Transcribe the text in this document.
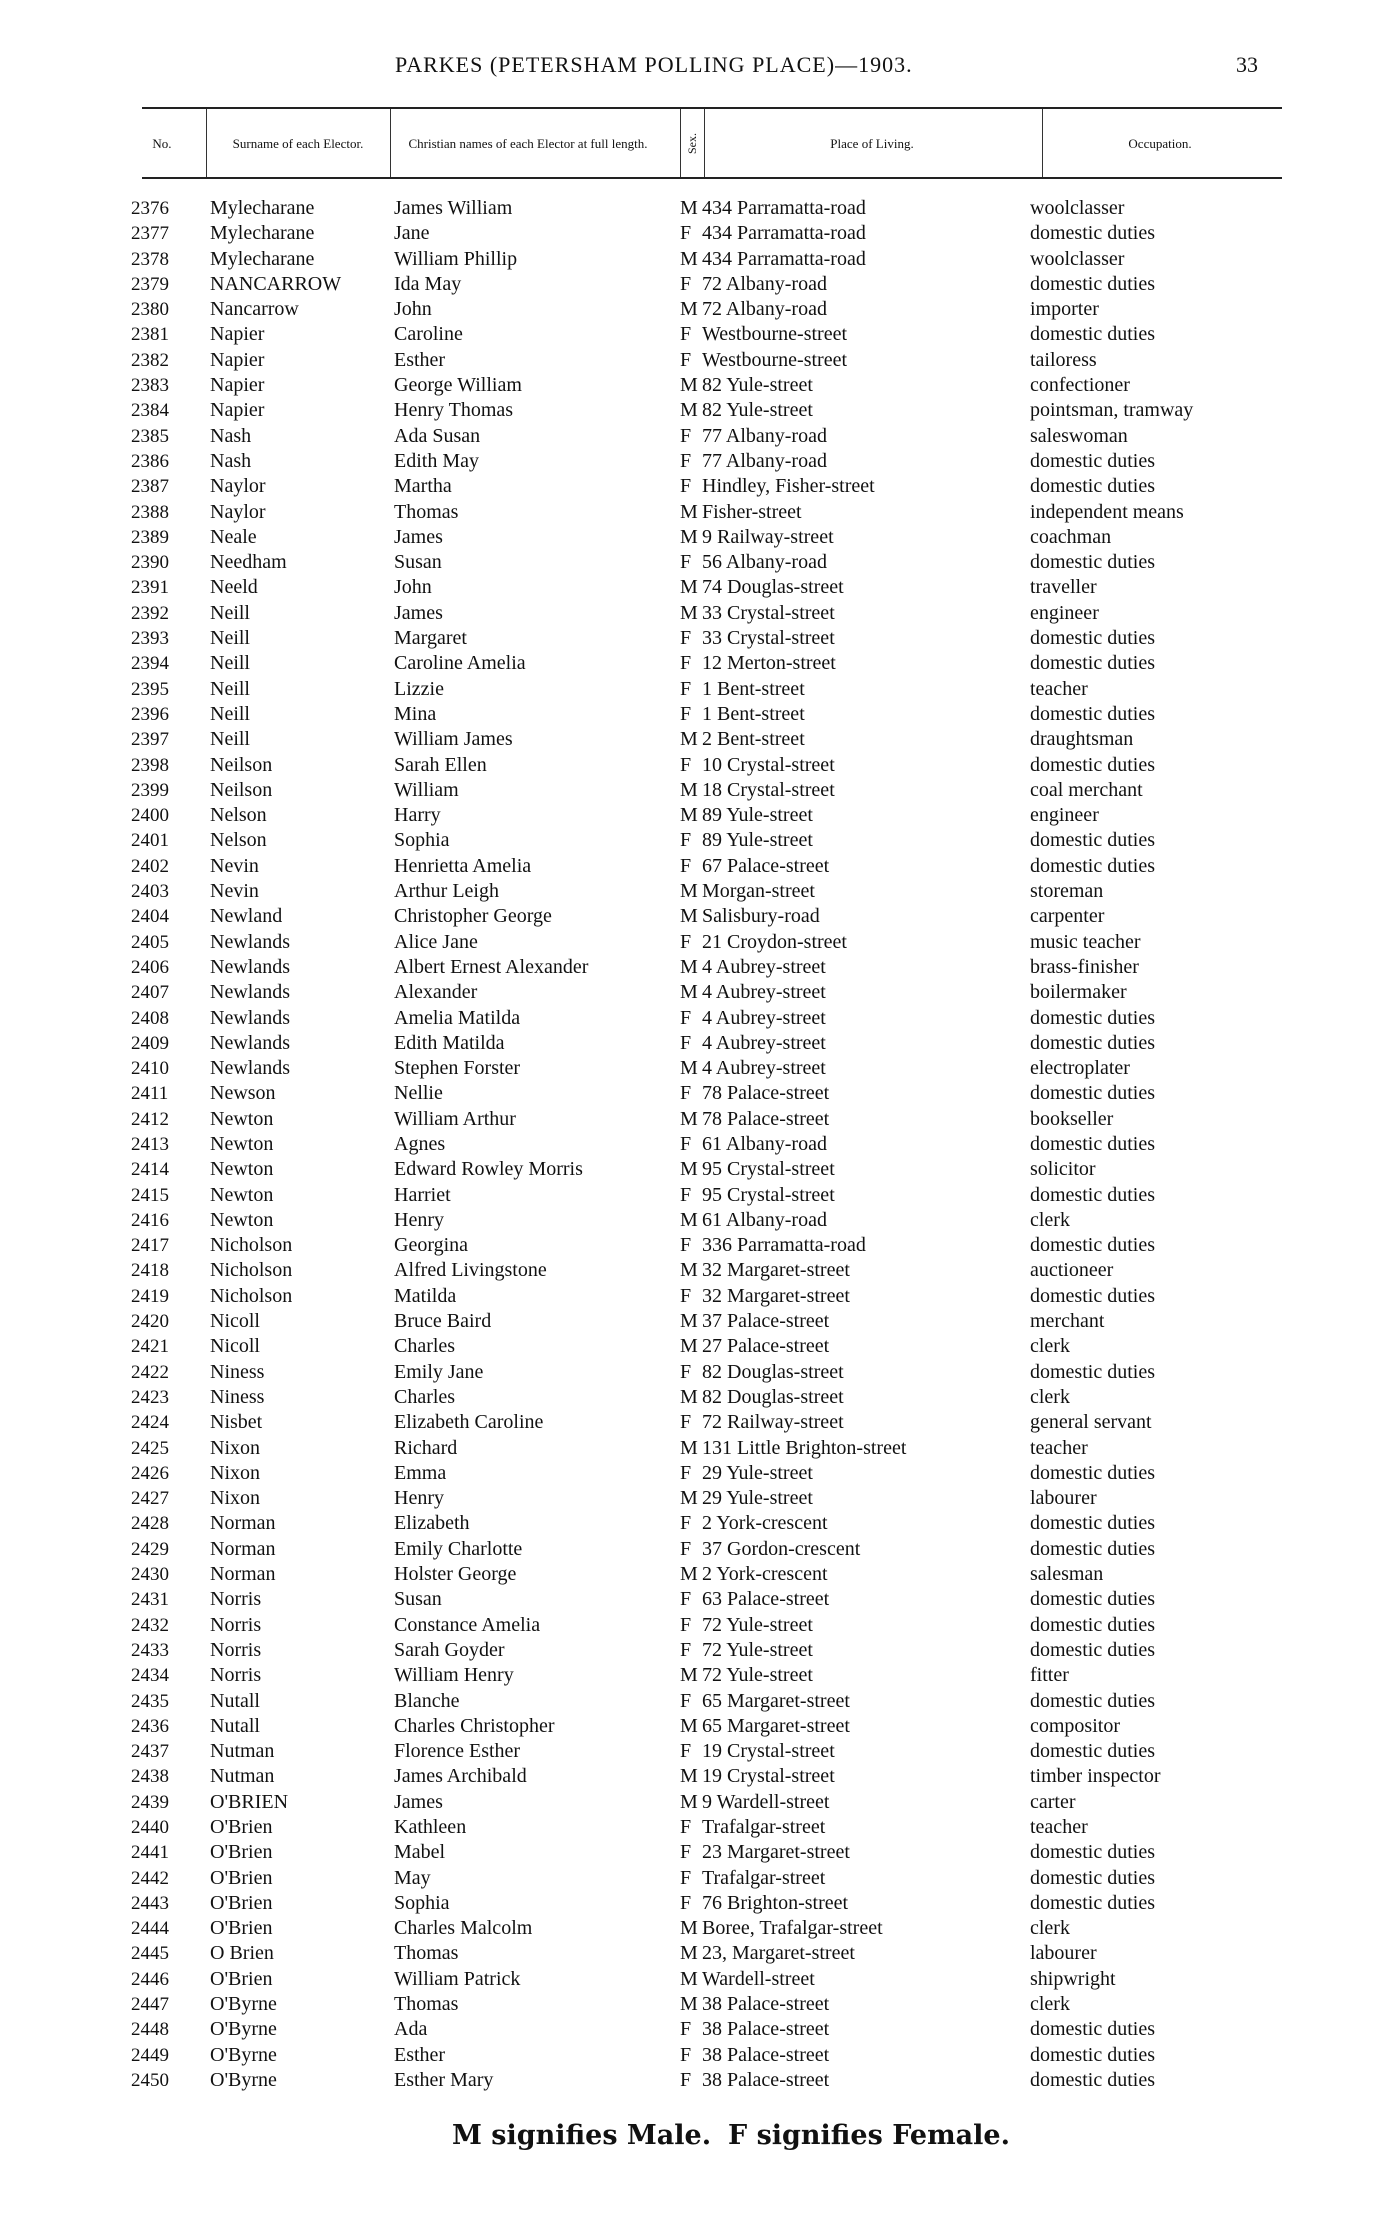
PARKES (PETERSHAM POLLING PLACE)—1903.	33
No.	Surname of each Elector.	Christian names of each Elector at full length.	Sex.	Place of Living.	Occupation.
2376	Mylecharane	James William	M 434 Parramatta-road	woolclasser
2377	Mylecharane	Jane	F 434 Parramatta-road	domestic duties
2378	Mylecharane	William Phillip	M 434 Parramatta-road	woolclasser
2379	NANCARROW	Ida May	F 72 Albany-road	domestic duties
2380	Nancarrow	John	M 72 Albany-road	importer
2381	Napier	Caroline	F Westbourne-street	domestic duties
2382	Napier	Esther	F Westbourne-street	tailoress
2383	Napier	George William	M 82 Yule-street	confectioner
2384	Napier	Henry Thomas	M 82 Yule-street	pointsman, tramway
2385	Nash	Ada Susan	F 77 Albany-road	saleswoman
2386	Nash	Edith May	F 77 Albany-road	domestic duties
2387	Naylor	Martha	F Hindley, Fisher-street	domestic duties
2388	Naylor	Thomas	M Fisher-street	independent means
2389	Neale	James	M 9 Railway-street	coachman
2390	Needham	Susan	F 56 Albany-road	domestic duties
2391	Neeld	John	M 74 Douglas-street	traveller
2392	Neill	James	M 33 Crystal-street	engineer
2393	Neill	Margaret	F 33 Crystal-street	domestic duties
2394	Neill	Caroline Amelia	F 12 Merton-street	domestic duties
2395	Neill	Lizzie	F 1 Bent-street	teacher
2396	Neill	Mina	F 1 Bent-street	domestic duties
2397	Neill	William James	M 2 Bent-street	draughtsman
2398	Neilson	Sarah Ellen	F 10 Crystal-street	domestic duties
2399	Neilson	William	M 18 Crystal-street	coal merchant
2400	Nelson	Harry	M 89 Yule-street	engineer
2401	Nelson	Sophia	F 89 Yule-street	domestic duties
2402	Nevin	Henrietta Amelia	F 67 Palace-street	domestic duties
2403	Nevin	Arthur Leigh	M Morgan-street	storeman
2404	Newland	Christopher George	M Salisbury-road	carpenter
2405	Newlands	Alice Jane	F 21 Croydon-street	music teacher
2406	Newlands	Albert Ernest Alexander	M 4 Aubrey-street	brass-finisher
2407	Newlands	Alexander	M 4 Aubrey-street	boilermaker
2408	Newlands	Amelia Matilda	F 4 Aubrey-street	domestic duties
2409	Newlands	Edith Matilda	F 4 Aubrey-street	domestic duties
2410	Newlands	Stephen Forster	M 4 Aubrey-street	electroplater
2411	Newson	Nellie	F 78 Palace-street	domestic duties
2412	Newton	William Arthur	M 78 Palace-street	bookseller
2413	Newton	Agnes	F 61 Albany-road	domestic duties
2414	Newton	Edward Rowley Morris	M 95 Crystal-street	solicitor
2415	Newton	Harriet	F 95 Crystal-street	domestic duties
2416	Newton	Henry	M 61 Albany-road	clerk
2417	Nicholson	Georgina	F 336 Parramatta-road	domestic duties
2418	Nicholson	Alfred Livingstone	M 32 Margaret-street	auctioneer
2419	Nicholson	Matilda	F 32 Margaret-street	domestic duties
2420	Nicoll	Bruce Baird	M 37 Palace-street	merchant
2421	Nicoll	Charles	M 27 Palace-street	clerk
2422	Niness	Emily Jane	F 82 Douglas-street	domestic duties
2423	Niness	Charles	M 82 Douglas-street	clerk
2424	Nisbet	Elizabeth Caroline	F 72 Railway-street	general servant
2425	Nixon	Richard	M 131 Little Brighton-street	teacher
2426	Nixon	Emma	F 29 Yule-street	domestic duties
2427	Nixon	Henry	M 29 Yule-street	labourer
2428	Norman	Elizabeth	F 2 York-crescent	domestic duties
2429	Norman	Emily Charlotte	F 37 Gordon-crescent	domestic duties
2430	Norman	Holster George	M 2 York-crescent	salesman
2431	Norris	Susan	F 63 Palace-street	domestic duties
2432	Norris	Constance Amelia	F 72 Yule-street	domestic duties
2433	Norris	Sarah Goyder	F 72 Yule-street	domestic duties
2434	Norris	William Henry	M 72 Yule-street	fitter
2435	Nutall	Blanche	F 65 Margaret-street	domestic duties
2436	Nutall	Charles Christopher	M 65 Margaret-street	compositor
2437	Nutman	Florence Esther	F 19 Crystal-street	domestic duties
2438	Nutman	James Archibald	M 19 Crystal-street	timber inspector
2439	O'BRIEN	James	M 9 Wardell-street	carter
2440	O'Brien	Kathleen	F Trafalgar-street	teacher
2441	O'Brien	Mabel	F 23 Margaret-street	domestic duties
2442	O'Brien	May	F Trafalgar-street	domestic duties
2443	O'Brien	Sophia	F 76 Brighton-street	domestic duties
2444	O'Brien	Charles Malcolm	M Boree, Trafalgar-street	clerk
2445	O Brien	Thomas	M 23, Margaret-street	labourer
2446	O'Brien	William Patrick	M Wardell-street	shipwright
2447	O'Byrne	Thomas	M 38 Palace-street	clerk
2448	O'Byrne	Ada	F 38 Palace-street	domestic duties
2449	O'Byrne	Esther	F 38 Palace-street	domestic duties
2450	O'Byrne	Esther Mary	F 38 Palace-street	domestic duties
M signifies Male. F signifies Female.
